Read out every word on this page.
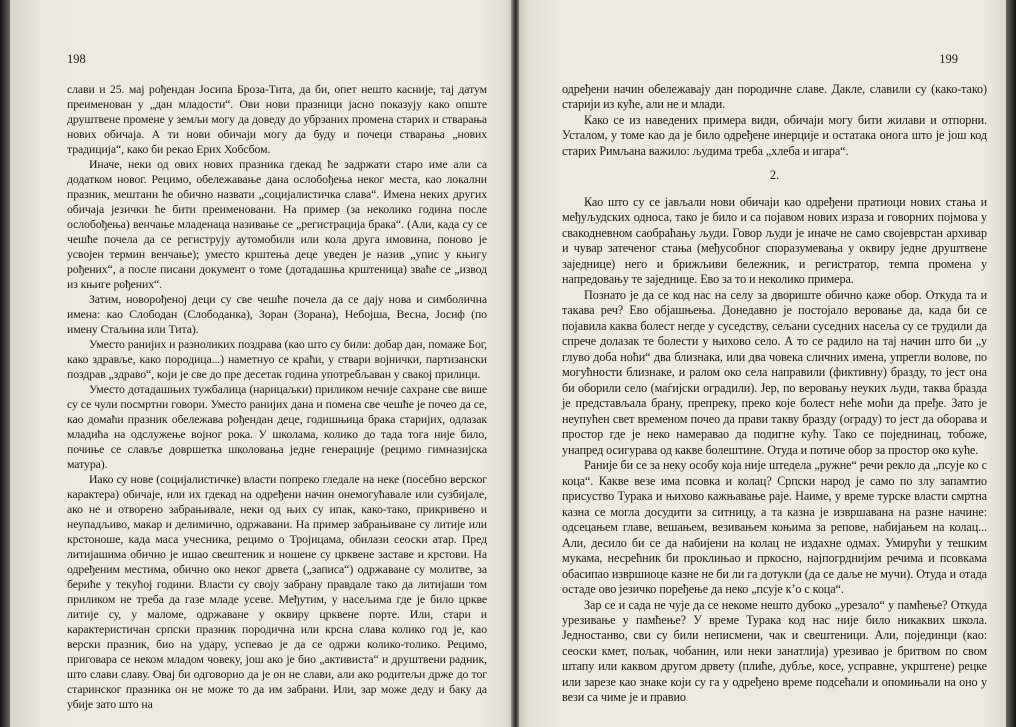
198

слави и 25. мај рођендан Јосипа Броза-Тита, да би, опет нешто касније, тај датум преименован у „дан младости“. Ови нови празници јасно показују како опште друштвене промене у земљи могу да доведу до убрзаних промена старих и стварања нових обичаја. А ти нови обичаји могу да буду и почеци стварања „нових традиција“, како би рекао Ерих Хобсбом.

Иначе, неки од ових нових празника гдекад ће задржати старо име али са додатком новог. Рецимо, обележавање дана ослобођења неког места, као локални празник, мештани ће обично назвати „социјалистичка слава“. Имена неких других обичаја језички ће бити преименовани. На пример (за неколико година после ослобођења) венчање младенаца називање се „регистрација брака“. (Али, када су се чешће почела да се региструју аутомобили или кола друга имовина, поново је усвојен термин венчање); уместо крштења деце уведен је назив „упис у књигу рођених“, а после писани документ о томе (дотадашња крштеница) зваће се „извод из књиге рођених“.

Затим, новорођеној деци су све чешће почела да се дају нова и симболична имена: као Слободан (Слободанка), Зоран (Зорана), Небојша, Весна, Јосиф (по имену Стаљина или Тита).

Уместо ранијих и разноликих поздрава (као што су били: добар дан, помаже Бог, како здравље, како породица...) наметнуо се краћи, у ствари војнички, партизански поздрав „здраво“, који је све до пре десетак година употребљаван у свакој прилици.

Уместо дотадашњих тужбалица (нарицаљки) приликом нечије сахране све више су се чули посмртни говори. Уместо ранијих дана и помена све чешће је почео да се, као домаћи празник обележава рођендан деце, годишњица брака старијих, одлазак младића на одслужење војног рока. У школама, коликo до тада тога није било, почиње се славље довршетка школовања једне генерације (рецимо гимназијска матура).

Иако су нове (социјалистичке) власти попреко гледале на неке (посебно верског карактера) обичаје, или их гдекад на одређени начин онемогућавале или сузбијале, ако не и отворено забрањивале, неки од њих су ипак, како-тако, прикривено и неупадљиво, макар и делимично, одржавани. На пример забрањиване су литије или крстоноше, када маса учесника, рецимо о Тројицама, обилази сеоски атар. Пред литијашима обично је ишао свештеник и ношене су црквене заставе и крстови. На одређеним местима, обично око неког дрвета („записа“) одржаване су молитве, за бериће у текућој години. Власти су своју забрану правдале тако да литијаши том приликом не треба да газе младе усеве. Међутим, у насељима где је било цркве литије су, у маломе, одржаване у оквиру црквене порте. Или, стари и карактеристичан српски празник породична или крсна слава колико год је, као верски празник, био на удару, успевао је да се одржи колико-толико. Рецимо, приговара се неком младом човеку, још ако је био „активиста“ и друштвени радник, што слави славу. Овај би одговорио да је он не слави, али ако родитељи држе до тог старинског празника он не може то да им забрани. Или, зар може деду и баку да убије зато што на

199

одређени начин обележавају дан породичне славе. Дакле, славили су (како-тако) старији из куће, али не и млади.

Како се из наведених примера види, обичаји могу бити жилави и отпорни. Усталом, у томе као да је било одређене инерције и остатака онога што је још код старих Римљана важило: људима треба „хлеба и игара“.

2.

Као што су се јављали нови обичаји као одређени пратиоци нових стања и међуљудских односа, тако је било и са појавом нових израза и говорних појмова у свакодневном саобраћању људи. Говор људи је иначе не само својеврстан архивар и чувар затеченог стања (међусобног споразумевања у оквиру једне друштвене заједнице) него и брижљиви бележник, и регистратор, темпа промена у напредовању те заједнице. Ево за то и неколико примера.

Познато је да се код нас на селу за двориште обично каже обор. Откуда та и такава реч? Ево објашњења. Донедавно је постојало веровање да, када би се појавила каква болест негде у суседству, сељани суседних насеља су се трудили да спрече долазак те болести у њихово село. А то се радило на тај начин што би „у глуво доба ноћи“ два близнака, или два човека сличних имена, упрегли волове, по могућности близнаке, и ралом око села направили (фиктивну) бразду, то јест она би оборили село (маѓијски оградили). Јер, по веровању неуких људи, таква бразда је представљала брану, препреку, преко које болест неће моћи да пређе. Зато је неупућен свет временом почео да прави такву бразду (ограду) то јест да оборава и простор где је неко намеравао да подигне кућу. Тако се поједнинац, тобоже, унапред осигурава од какве болештине. Отуда и потиче обор за простор око куће.

Раније би се за неку особу која није штедела „ружне“ речи рекло да „псује ко с коца“. Какве везе има псовка и колац? Српски народ је само по злу запамтио присуство Турака и њихово кажњавање раје. Наиме, у време турске власти смртна казна се могла досудити за ситницу, а та казна је извршавана на разне начине: одсецањем главе, вешањем, везивањем коњима за репове, набијањем на колац... Али, десило би се да набијени на колац не издахне одмах. Умирући у тешким мукама, несрећник би проклињао и пркосно, најпогрднијим речима и псовкама обасипао извршиоце казне не би ли га дотукли (да се даље не мучи). Отуда и отада остаде ово језичко поређење да неко „псује к’о с коца“.

Зар се и сада не чује да се некоме нешто дубоко „урезало“ у памћење? Откуда урезивање у памћење? У време Турака код нас није било никаквих школа. Једностанво, сви су били неписмени, чак и свештеници. Али, појединци (као: сеоски кмет, пољак, чобанин, или неки занатлија) урезивао је бритвом по свом штапу или каквом другом дрвету (плиће, дубље, косе, усправне, укрштене) рецке или зарезе као знаке који су га у одређено време подсећали и опомињали на оно у вези са чиме је и правио
